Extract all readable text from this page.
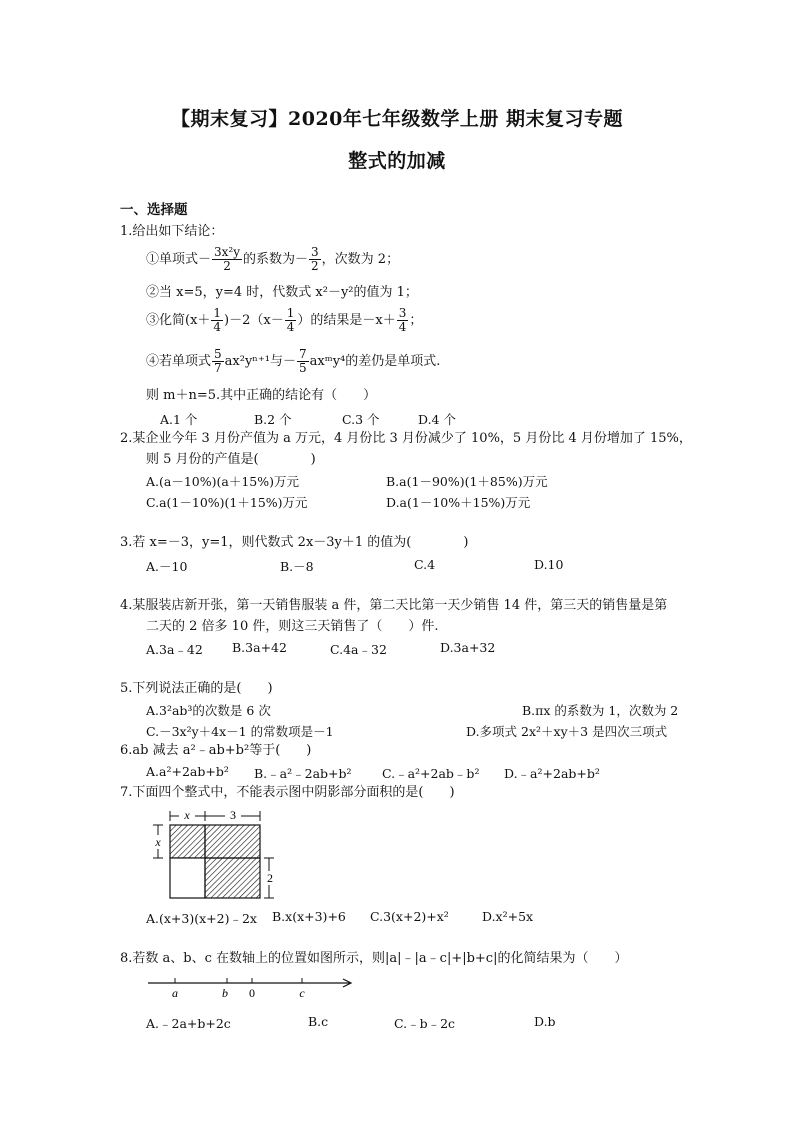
【期末复习】2020年七年级数学上册 期末复习专题
整式的加减
一、选择题
1.给出如下结论：
①单项式－ $\frac{\text{3x²y}}{2}$ 的系数为－ $\frac{3}{2}$ ，次数为 2；
②当 x=5，y=4 时，代数式 x²－y²的值为 1；
③化简$(x+ \frac{1}{4} )-2(x- \frac{1}{4}$ ）的结果是$-x+ \frac{3}{4}$ ；
④若单项式 $\frac{5}{7} ax^2y^{n+1}$与－ $\frac{7}{5}$ axᵐy⁴的差仍是单项式.
则 m＋n=5.其中正确的结论有（　　）
A.1 个	B.2 个	C.3 个	D.4 个
2.某企业今年 3 月份产值为 a 万元，4 月份比 3 月份减少了 10%，5 月份比 4 月份增加了 15%，
则 5 月份的产值是(　　　　)
A.(a－10%)(a＋15%)万元	B.a(1－90%)(1＋85%)万元
C.a(1－10%)(1＋15%)万元	D.a(1－10%＋15%)万元
3.若 x=－3，y=1，则代数式 2x－3y＋1 的值为(　　　　)
A.－10	B.－8	C.4	D.10
4.某服装店新开张，第一天销售服装 a 件，第二天比第一天少销售 14 件，第三天的销售量是第
二天的 2 倍多 10 件，则这三天销售了（　　）件.
A.3a﹣42 B.3a+42	C.4a﹣32	D.3a+32
5.下列说法正确的是(　　)
A.3²ab³的次数是 6 次	B.πx 的系数为 1，次数为 2
C.－3x²y＋4x－1 的常数项是－1	D.多项式 2x²＋xy＋3 是四次三项式
6.ab 减去 a²﹣ab+b²等于(　　)
A.a²+2ab+b² B.﹣a²﹣2ab+b² C.﹣a²+2ab﹣b² D.﹣a²+2ab+b²
7.下面四个整式中，不能表示图中阴影部分面积的是(　　)
x	3
x
2
A.(x+3)(x+2)﹣2x B.x(x+3)+6 C.3(x+2)+x²	D.x²+5x
8.若数 a、b、c 在数轴上的位置如图所示，则|a|﹣|a﹣c|+|b+c|的化简结果为（　　）
a	b 0	c
A.﹣2a+b+2c	B.c	C.﹣b﹣2c	D.b
